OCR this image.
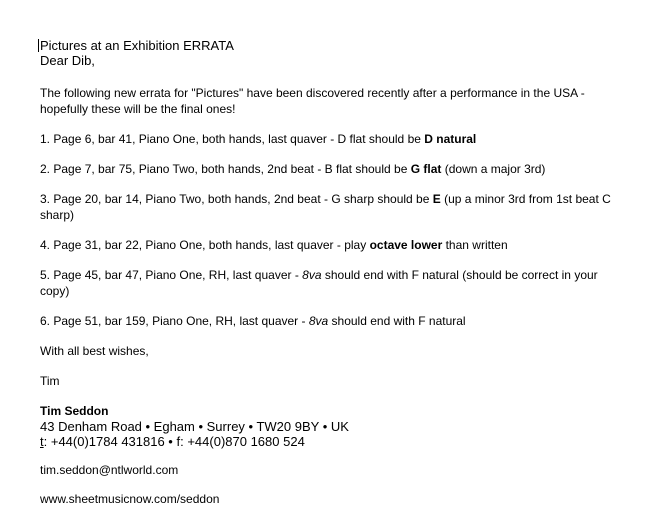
Pictures at an Exhibition ERRATA
Dear Dib,
The following new errata for "Pictures" have been discovered recently after a performance in the USA - hopefully these will be the final ones!
1. Page 6, bar 41, Piano One, both hands, last quaver - D flat should be D natural
2. Page 7, bar 75, Piano Two, both hands, 2nd beat - B flat should be G flat (down a major 3rd)
3. Page 20, bar 14, Piano Two, both hands, 2nd beat - G sharp should be E (up a minor 3rd from 1st beat C sharp)
4. Page 31, bar 22, Piano One, both hands, last quaver - play octave lower than written
5. Page 45, bar 47, Piano One, RH, last quaver - 8va should end with F natural (should be correct in your copy)
6. Page 51, bar 159, Piano One, RH, last quaver - 8va should end with F natural
With all best wishes,
Tim
Tim Seddon
43 Denham Road • Egham • Surrey • TW20 9BY • UK
t: +44(0)1784 431816 • f: +44(0)870 1680 524
tim.seddon@ntlworld.com
www.sheetmusicnow.com/seddon
